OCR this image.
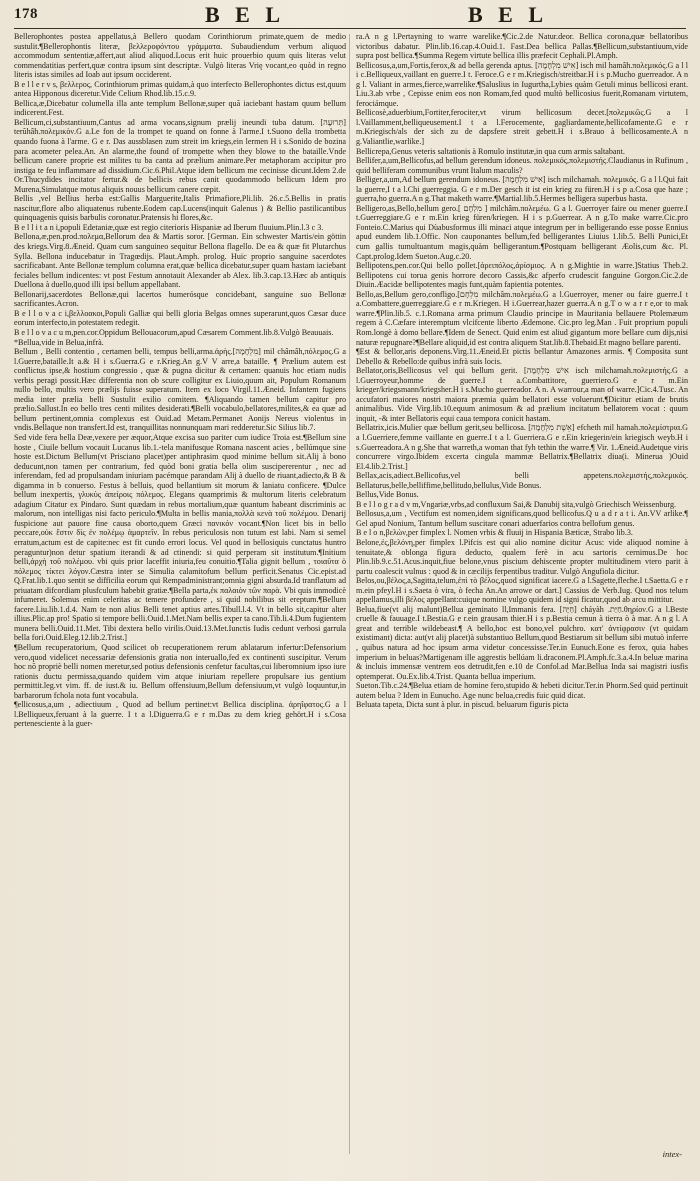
178	B E L	B E L

Bellerophontes postea appellatus,à Bellero quodam Corinthiorum primate,quem de medio sustulit.¶Bellerophontis literæ, βελλεροφόντου γράμματα. Subaudiendum verbum aliquod accommodum sententiæ,affert,aut aliud aliquod.Locus erit huic prouerbio quum quis literas velut commendatitias perfert,quæ contra ipsum sint descriptæ. Vulgò literas Vrię vocant,eo quòd in regno literis istas similes ad Ioab aut ipsum occiderent.

B e l l e r v s, βελλερος, Corinthiorum primas quidam,à quo interfecto Bellerophontes dictus est,quum antea Hipponous diceretur.Vide Celium Rhod.lib.15.c.9.

Bellica,æ,Dicebatur columella illa ante templum Bellonæ,super quã iaciebant hastam quum bellum indicerent.Fest.

Bellicum,ci,substantiuum,Cantus ad arma vocans,signum prælij ineundi tuba datum. [תְּרוּעָה] terũhâh.πολεμικὸν.G a.Le fon de la trompet te quand on fonne à l'arme.I t.Suono della trombetta quando fuona à l'arme. G e r. Das aussblasen zum streit im kriegs,ein lermen H i s.Sonido de bozina para acometer pelea.An. An alarme,the found of trompette when they blowe to the bataille.Vnde bellicum canere proprie est milites tu ba canta ad prælium animare.Per metaphoram accipitur pro instiga te feu inflammare ad dissidium.Cic.6.Phil.Atque idem bellicum me cecinisse dicunt.Idem 2.de Or.Thucydides incitator fertur.& de bellicis rebus canit quodammodo bellicum Idem pro Murena,Simulatque motus aliquis nouus bellicum canere cœpit.

Bellis ,vel Bellius herba est:Gallis Marguerite,Italis Primafiore,Pli.lib. 26.c.5.Bellis in pratis nascitur,flore albo aliquatenus rubente.Eodem cap.Lucens(inquit Galenus ) & Bellio pastilicantibus quinquagenis quisis barbulis coronatur.Pratensis hi flores,&c.

B e l l i t a n i,populi Edetaniæ,quæ est regio citerioris Hispaniæ ad Iberum fluuium.Plin.l.3 c 3.

Bellona,æ,pen.prod.πολεμα,Bellorum dea & Martis soror. [German. Ein schwester Martis/ein göttin des kriegs.Virg.8.Æneid. Quam cum sanguineo sequitur Bellona flagello. De ea & quæ fit Plutarchus Sylla. Bellona inducebatur in Tragœdijs. Plaut.Amph. prolog. Huic proprio sanguine sacerdotes sacrificabant. Ante Bellonæ templum columna erat,quæ bellica dicebatur,super quam hastam iaciebant feciales bellum indicentes: vt post Festum annotauit Alexander ab Alex. lib.3.cap.13.Hæc ab antiquis Duellona à duello,quod illi ipsi bellum appellabant.

Bellonarij,sacerdotes Bellonæ,qui lacertos humerósque concidebant, sanguine suo Bellonæ sacrificantes.Acron.

B e l l o v a c i,βελλοακοι,Populi Galliæ qui belli gloria Belgas omnes superarunt,quos Cæsar duce eorum interfecto,in potestatem redegit.

B e l l o v a c u m,pen.cor.Oppidum Bellouacorum,apud Cæsarem Comment.lib.8.Vulgò Beauuais.

*Bellua,vide in Belua,infrà.

Bellum , Belli contentio , certamen belli, tempus belli,arma.ἀρὴς.[מִלְחָמָה] mil châmâh,πόλεμος.G a l.Guerre,bataille.It a.& H i s.Guerra.G e r.Krieg.An g.V V arre,a bataille. ¶ Prælium autem est conflictus ipse,& hostium congressio , quæ & pugna dicitur & certamen: quanuis hoc etiam nudis verbis peragi possit.Hæc differentia non ob scure colligitur ex Liuio,quum ait, Populum Romanum nullo bello, multis vero prælijs fuisse superatum. Item ex loco Virgil.11.Æneid. Infantem fugiens media inter prælia belli Sustulit exilio comitem. ¶Aliquando tamen bellum capitur pro prælio.Sallust.In eo bello tres centi milites desiderati.¶Belli vocabulo,bellatores,milites,& ea quæ ad bellum pertinent,omnia complexus est Ouid.ad Metam.Permanet Aonijs Nereus violentus in vndis.Bellaque non transfert.Id est, tranquillitas nonnunquam mari redderetur.Sic Silius lib.7.

Sed vide fera bella Deæ,vexere per æquor,Atque excisa suo pariter cum iudice Troia est.¶Bellum sine hoste , Ciuile bellum vocauit Lucanus lib.1.-tela manifusque Romana nascent acies , bellúmque sine hoste est.Dictum Bellum(vt Prisciano placet)per antiphrasim quod minime bellum sit.Alij à bono deducunt,non tamen per contrarium, fed quòd boni gratia bella olim suscipererentur , nec ad inferendam, fed ad propulsandam iniuriam pacémque parandam Alij à duello de riuant,adiecto,& B & digamma in b conuerso. Festus à belluis, quod bellantium sit morum & laniatu conficere. ¶Dulce bellum inexpertis, γλυκὺς ἀπείροις πόλεμος. Elegans quamprimis & multorum literis celebratum adagium Citatur ex Pindaro. Sunt quædam in rebus mortalium,quæ quantum habeant discriminis ac malorum, non intelligas nisi facto periculo.¶Multa in bellis mania,πολλὰ κενὰ τοῦ πολέμου. Denarij fuspicione aut pauore fine causa oborto,quem Græci πανικόν vocant.¶Non licet bis in bello peccare,οὐκ ἔστιν δὶς ἐν πολέμῳ ἁμαρτεῖν. In rebus periculosis non tutum est labi. Nam si semel erratum,actum est de capite:nec est fit cundo errori locus. Vel quod in bellosiquis cunctatus huntro peraguntur)non detur spatium iterandi & ad ctinendi: si quid perperam sit institutum.¶Initium belli,ἀρχὴ τοῦ πολέμου. vbi quis prior laceffit iniuria,feu conuitio.¶Talia gignit bellum , τοιαῦτα ὁ πόλεμος τίκτει λόγον.Cæstra inter se Simulia calamitofum bellum perficit.Senatus Cic.epist.ad Q.Frat.lib.1.quo sentit se difficilia eorum qui Rempadministrant;omnia gigni absurda.Id tranflatum ad priuatam difcordiam plusfculum habebit gratiæ.¶Bella parta,ἐκ παλαιὸν τῶν παρὰ. Vbi quis immodicè infumeret. Solemus enim celeritas ac temere profundere , si quid nobilibus sit ereptum.¶Bellum facere.Liu.lib.1.d.4. Nam te non alius Belli tenet aptius artes.Tibull.l.4. Vt in bello sit,capitur alter illius.Plic.ap pro! Spatio si tempore belli.Ouid.1.Met.Nam bellis exper ta cano.Tib.li.4.Dum fugientem munera belli.Ouid.11.Met. Tibi dextera bello virilis.Ouid.13.Met.Iunctis Iudis cedunt verbosi garrula bella fori.Ouid.Eleg.12.lib.2.Trist.]

¶Bellum recuperatorium, Quod scilicet ob recuperationem rerum ablatarum infertur:Defensorium vero,quod videlicet necessariæ defensionis gratia non interuallo,fed ex continenti suscipitur. Verum hoc nõ propriè belli nomen meretur,sed potius defensionis cenfetur facultas,cui liberomnium ipso iure rationis ductu permissa,quando quidem vim atque iniuriam repellere propulsare ius gentium permittit.leg.vt vim. ff. de iust.& iu. Bellum offensiuum,Bellum defensiuum,vt vulgò loquuntur,in barbarorum fchola nota funt vocabula.

¶ellicosus,a,um , adiectiuum , Quod ad bellum pertinet:vt Bellica disciplina. ἀρηΐφατος.G a l l.Belliqueux,feruant à la guerre. I t a l.Diguerra.G e r m.Das zu dem krieg gehört.H i s.Cosa pertenesciente à la guer-

ra.A n g l.Pertayning to warre warelike.¶Cic.2.de Natur.deor. Bellica corona,quæ bellatoribus victoribus dabatur. Plin.lib.16.cap.4.Ouid.1. Fast.Dea bellica Pallas.¶Bellicum,substantiuum,vide supra post bellica.¶Summa Regem virtute bellica illis præfecit Cephali.Pl.Amph.

Bellicosus,a,um,Fortis,ferox,& ad bella gerenda aptus. [אִישׁ מִלְחָמָה] isch mil hamâh.πολεμικός.G a l l i c.Belliqueux,vaillant en guerre.I t. Feroce.G e r m.Kriegisch/streitbar.H i s p.Mucho guerreador. A n g l. Valiant in armes,fierce,warrelike.¶Saluslius in Iugurtha,Lybies quàm Getuli minus bellicosi erant. Liu.3.ab vrbe , Cepisse enim eos non Romam,fed quod multò bellicosius fuerit,Romanam virtutem, ferociámque.

Bellicosè,aduerbium,Fortiter,ferociter,vt virum bellicosum decet.[πολεμικῶς.G a l l.Vaillamment,belliqueusement.I t a l.Ferocemente, gagliardamente,bellicofamente.G e r m.Kriegisch/als der sich zu de dapsfere streit gebett.H i s.Brauo à bellicosamente.A n g.Valiantlie,warlike.]

Bellicrepa,Genus veteris saltationis à Romulo institutæ,in qua cum armis saltabant.

Bellifer,a,um,Bellicofus,ad bellum gerendum idoneus. πολεμικός,πολεμιστής.Claudianus in Rufinum , quid belliferam communibus vrunt Italum maculis?

Belliger,a,um,Ad bellum gerendum idoneus. [אִישׁ מִלְחָמָה] isch milchamah. πολεμικός. G a l l.Qui fait la guerre,I t a l.Chi guerreggia. G e r m.Der gesch it ist ein krieg zu füren.H i s p a.Cosa que haze ; guerra,ho guerra.A n g.That maketh warre.¶Martial.lib.5.Hermes belligera superbus hasta.

Belligero,as,Bello,bellum gero.[ מִלְחָם ] milchâm.πολεμέω. G a l. Guerroyer faire ou mener guerre.I t.Guerreggiare.G e r m.Ein krieg füren/kriegen. H i s p.Guerrear. A n g.To make warre.Cic.pro Fonteio.C.Marius qui Dùabusformus illi minaci atque integrum per in belligerando esse posse Ennius apud eundem lib.1.Offic. Non cauponantes bellum,fed belligerantes Liuius 1.lib.5. Belli Punici,Et cum gallis tumultuantum magis,quàm belligerantum.¶Postquam belligerant Æolis,cum &c. Pl. Capt.prolog.Idem Sueton.Aug.c.20.

Bellipotens,pen.cor.Qui bello pollet.[ἀρειπόλος,ἀρίσμιος. A n g.Mightie in warre.]Statius Theb.2. Bellipotens cui torua genis horrore decoro Cassis,&c afperfo crudescit fanguine Gorgon.Cic.2.de Diuin.Æacidæ bellipotentes magis funt,quàm fapientia potentes.

Bello,as,Bellum gero,confligo.[מִלְחָם milchâm.πολεμέω.G a l.Guerroyer, mener ou faire guerre.I t a.Combattere,guerreggiare.G e r m.Kriegen. H i.Guerrear,hazer guerra.A n g.T o w a r r e,or to mak warre.¶Plin.lib.5. c.1.Romana arma primum Claudio principe in Mauritania bellauere Ptolemæum regem à C.Cæfare interemptum vlcifcente liberto Ædemone. Cic.pro leg.Man . Fuit proprium populi Rom.longè à domo bellare.¶Idem de Senect. Quid enim est aliud gigantum more bellare cum dijs,nisi naturæ repugnare?¶Bellare aliquid,id est contra aliquem Stat.lib.8.Thebaid.Et magno bellare parenti.

¶Est & bellor,aris deponens.Virg.11.Æneid.Et pictis bellantur Amazones armis. ¶ Composita sunt Debello & Rebello:de quibus infrà suis locis.

Bellator,oris,Bellicosus vel qui bellum gerit. [אִישׁ מִלְחָמָה isch milchamah.πολεμιστής.G a l.Guerroyeur,homme de guerre.I t a.Combattitore, guerriero.G e r m.Ein krieger/kriegsmann/kriegsher.H i s.Mucho guerreador. A n. A warrour,a man of warre.]Cic.4.Tusc. An accufatori maiores nostri maiora præmia quàm bellatori esse voluerunt.¶Dicitur etiam de brutis animalibus. Vide Virg.lib.10.equum animosum & ad prælium incitatum bellatorem vocat : quum inquit, -& inter Bellatoris equi caua tempora conicit hastam.

Bellatrix,icis.Mulier quæ bellum gerit,seu bellicosa. [אֵשֶׁת מִלְחָמָה] efcheth mil hamah.πολεμίστρια.G a l.Guerriere,femme vaillante en guerre.I t a l. Guerriera.G e r.Ein kriegerin/ein kriegisch weyb.H i s.Guerreadora.A n g.She that warreth,a woman that fyh tethin the warre.¶ Vir. 1.Æneid.Audetque viris concurrere virgo.Ibidem excerta cingula mammæ Bellatrix.¶Bellatrix diua(i. Minerua )Ouid El.4.lib.2.Trist.]

Bellax,acis,adiect.Bellicofus,vel belli appetens.πολεμιστής,πολεμικός. Bellaturus,belle,belliffime,bellitudo,bellulus,Vide Bonus.

Bellus,Vide Bonus.

B e l l o g r a d v m,Vngariæ,vrbs,ad confluxum Sai,& Danubij sita,vulgò Griechisch Weissenburg.

Bellosus,a,um , Vectifum est nomen,idem significans,quod bellicofus.Q u a d r a t i. An.VV arlike.¶ Gel apud Nonium, Tantum bellum suscitare conari aduerfarios contra bellofum genus.

B e l o n,βελὼν,per fimplex l. Nomen vrbis & fluuij in Hispania Bæticæ, Strabo lib.3.

Belone,ἐς,βελόνη,per fimplex l.Pifcis est qui alio nomine dicitur Acus: vide aliquod nomine à tenuitate,& oblonga figura deducto, qualem ferè in acu sartoris cernimus.De hoc Plin.lib.9.c.51.Acus.inquit,fiue belone,vnus piscium dehiscente propter multitudinem vtero parit à partu coalescit vulnus : quod & in cæcilijs ferpentibus traditur. Vulgò Angufiola dicitur.

Belos,ou,βέλος,a,Sagitta,telum,ἐπὶ τὸ βέλος,quod significat iacere.G a l.Sagette,fleche.I t.Saetta.G e r m.ein pfeyl.H i s.Saeta ò vira, ò fecha An.An arrowe or dart.] Cassius de Verb.Iug. Quod nos telum appellamus,illi βέλος appellant:cuique nomine vulgo quidem id signi ficatur,quod ab arcu mittitur.

Belua,fiue(vt alij malunt)Bellua geminato ll,Immanis fera. [חַיָּה] cháyàh .חַיַּת.θηρίον.G a l.Beste cruelle & fauuage.I t.Bestia.G e r.ein grausam thier.H i s p.Bestia cemun à tierra ò à mar. A n g l. A great and terrible wildebeast.¶ A bello,hoc est bono,vel pulchro. κατ' ἀντίφρασιν (vt quidam existimant) dicta: aut(vt alij placet)à substantiuo Bellum,quod Bestiarum sit bellum sibi mutuò inferre , quibus natura ad hoc ipsum arma videtur concessisse.Ter.in Eunuch.Eone es ferox, quia habes imperium in beluas?Martigenam ille aggrestis bellúam li.draconem.Pl.Amph.fc.3.a.4.In beluæ marina & incluis immensæ ventrem eos detrudit,fen e.10 de Confol.ad Mar.Bellua Inda sai magistri iusfis optemperat. Ou.Ex.lib.4.Trist. Quanta bellua imperium.

Sueton.Tib.c.24.¶Belua etiam de homine fero,stupido & hebeti dicitur.Ter.in Phorm.Sed quid pertinuit autem belua ? Idem in Eunucho. Age nunc belua,credis fuic quid dicat.

Beluata tapeta, Dicta sunt à plur. in piscud. beluarum figuris picta

intex-
